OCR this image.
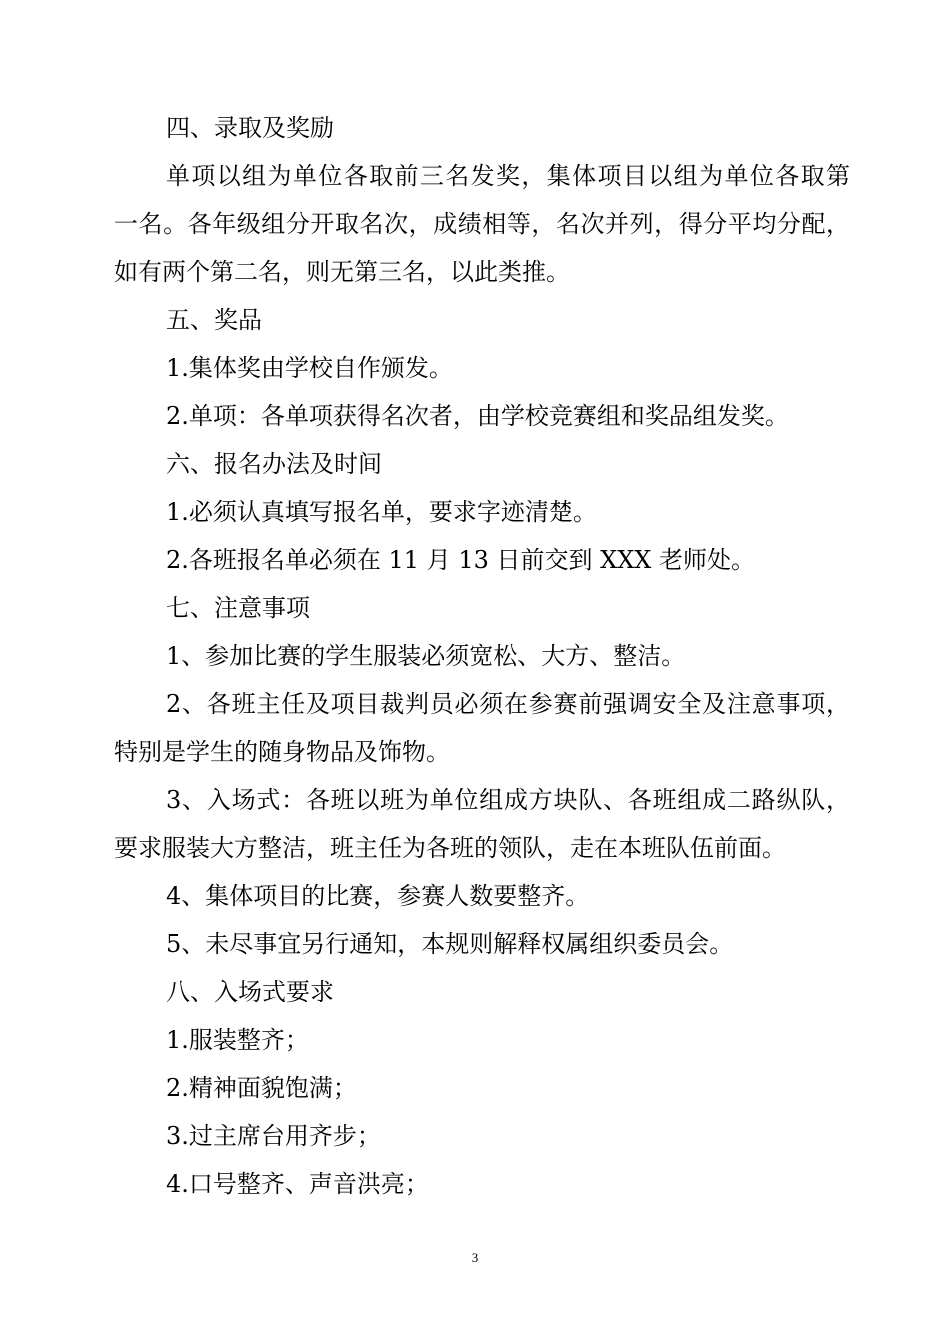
四、录取及奖励
单项以组为单位各取前三名发奖，集体项目以组为单位各取第
一名。各年级组分开取名次，成绩相等，名次并列，得分平均分配，
如有两个第二名，则无第三名，以此类推。
五、奖品
1.集体奖由学校自作颁发。
2.单项：各单项获得名次者，由学校竞赛组和奖品组发奖。
六、报名办法及时间
1.必须认真填写报名单，要求字迹清楚。
2.各班报名单必须在 11 月 13 日前交到 XXX 老师处。
七、注意事项
1、参加比赛的学生服装必须宽松、大方、整洁。
2、各班主任及项目裁判员必须在参赛前强调安全及注意事项，
特别是学生的随身物品及饰物。
3、入场式：各班以班为单位组成方块队、各班组成二路纵队，
要求服装大方整洁，班主任为各班的领队，走在本班队伍前面。
4、集体项目的比赛，参赛人数要整齐。
5、未尽事宜另行通知，本规则解释权属组织委员会。
八、入场式要求
1.服装整齐；
2.精神面貌饱满；
3.过主席台用齐步；
4.口号整齐、声音洪亮；
3
